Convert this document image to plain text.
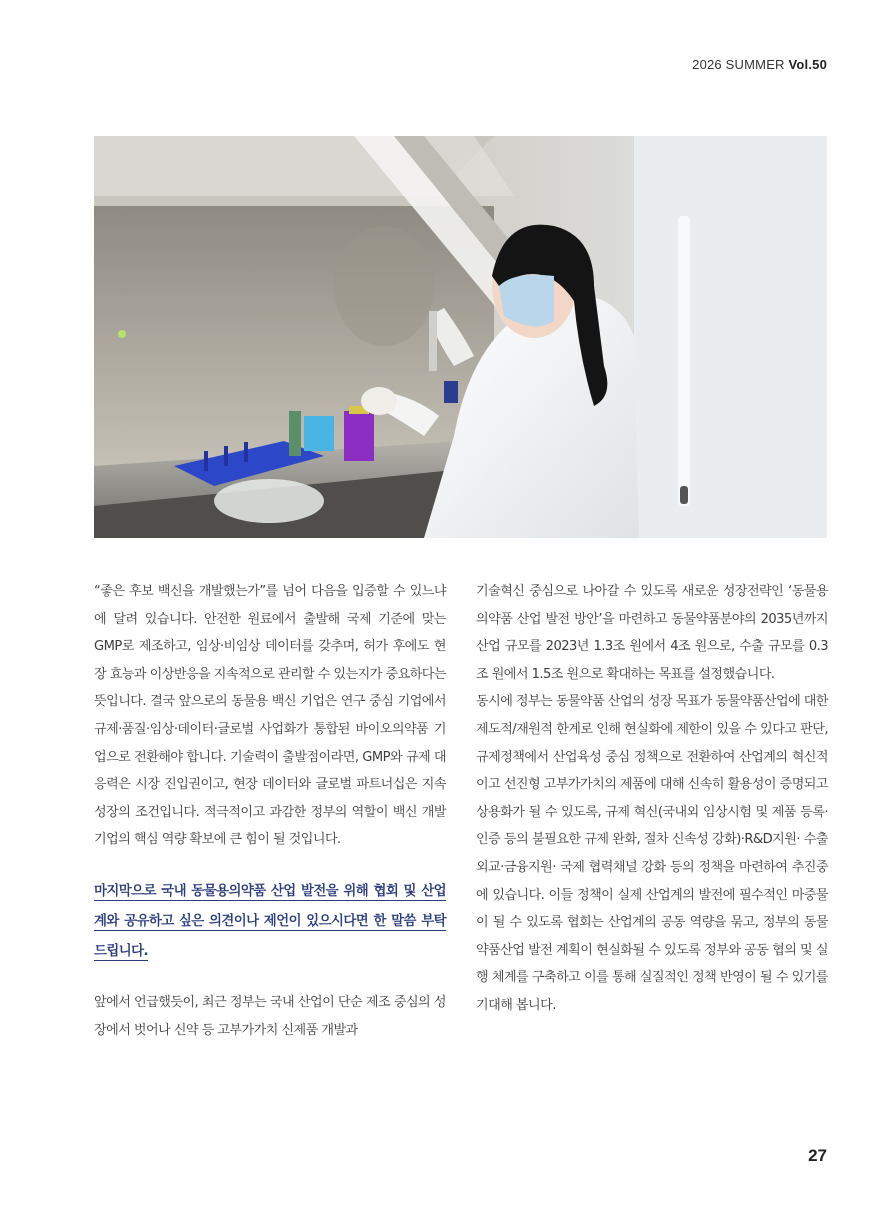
2026 SUMMER Vol.50

“좋은 후보 백신을 개발했는가”를 넘어 다음을 입증할 수 있느냐에 달려 있습니다. 안전한 원료에서 출발해 국제 기준에 맞는 GMP로 제조하고, 임상·비임상 데이터를 갖추며, 허가 후에도 현장 효능과 이상반응을 지속적으로 관리할 수 있는지가 중요하다는 뜻입니다. 결국 앞으로의 동물용 백신 기업은 연구 중심 기업에서 규제·품질·임상·데이터·글로벌 사업화가 통합된 바이오의약품 기업으로 전환해야 합니다. 기술력이 출발점이라면, GMP와 규제 대응력은 시장 진입권이고, 현장 데이터와 글로벌 파트너십은 지속 성장의 조건입니다. 적극적이고 과감한 정부의 역할이 백신 개발기업의 핵심 역량 확보에 큰 힘이 될 것입니다.

마지막으로 국내 동물용의약품 산업 발전을 위해 협회 및 산업계와 공유하고 싶은 의견이나 제언이 있으시다면 한 말씀 부탁드립니다.

앞에서 언급했듯이, 최근 정부는 국내 산업이 단순 제조 중심의 성장에서 벗어나 신약 등 고부가가치 신제품 개발과

기술혁신 중심으로 나아갈 수 있도록 새로운 성장전략인 ‘동물용의약품 산업 발전 방안’을 마련하고 동물약품분야의 2035년까지 산업 규모를 2023년 1.3조 원에서 4조 원으로, 수출 규모를 0.3조 원에서 1.5조 원으로 확대하는 목표를 설정했습니다.

동시에 정부는 동물약품 산업의 성장 목표가 동물약품산업에 대한 제도적/재원적 한계로 인해 현실화에 제한이 있을 수 있다고 판단, 규제정책에서 산업육성 중심 정책으로 전환하여 산업계의 혁신적이고 선진형 고부가가치의 제품에 대해 신속히 활용성이 증명되고 상용화가 될 수 있도록, 규제 혁신(국내외 임상시험 및 제품 등록·인증 등의 불필요한 규제 완화, 절차 신속성 강화)·R&D지원· 수출 외교·금융지원· 국제 협력채널 강화 등의 정책을 마련하여 추진중에 있습니다. 이들 정책이 실제 산업계의 발전에 필수적인 마중물이 될 수 있도록 협회는 산업계의 공동 역량을 묶고, 정부의 동물약품산업 발전 계획이 현실화될 수 있도록 정부와 공동 협의 및 실행 체계를 구축하고 이를 통해 실질적인 정책 반영이 될 수 있기를 기대해 봅니다.

27
